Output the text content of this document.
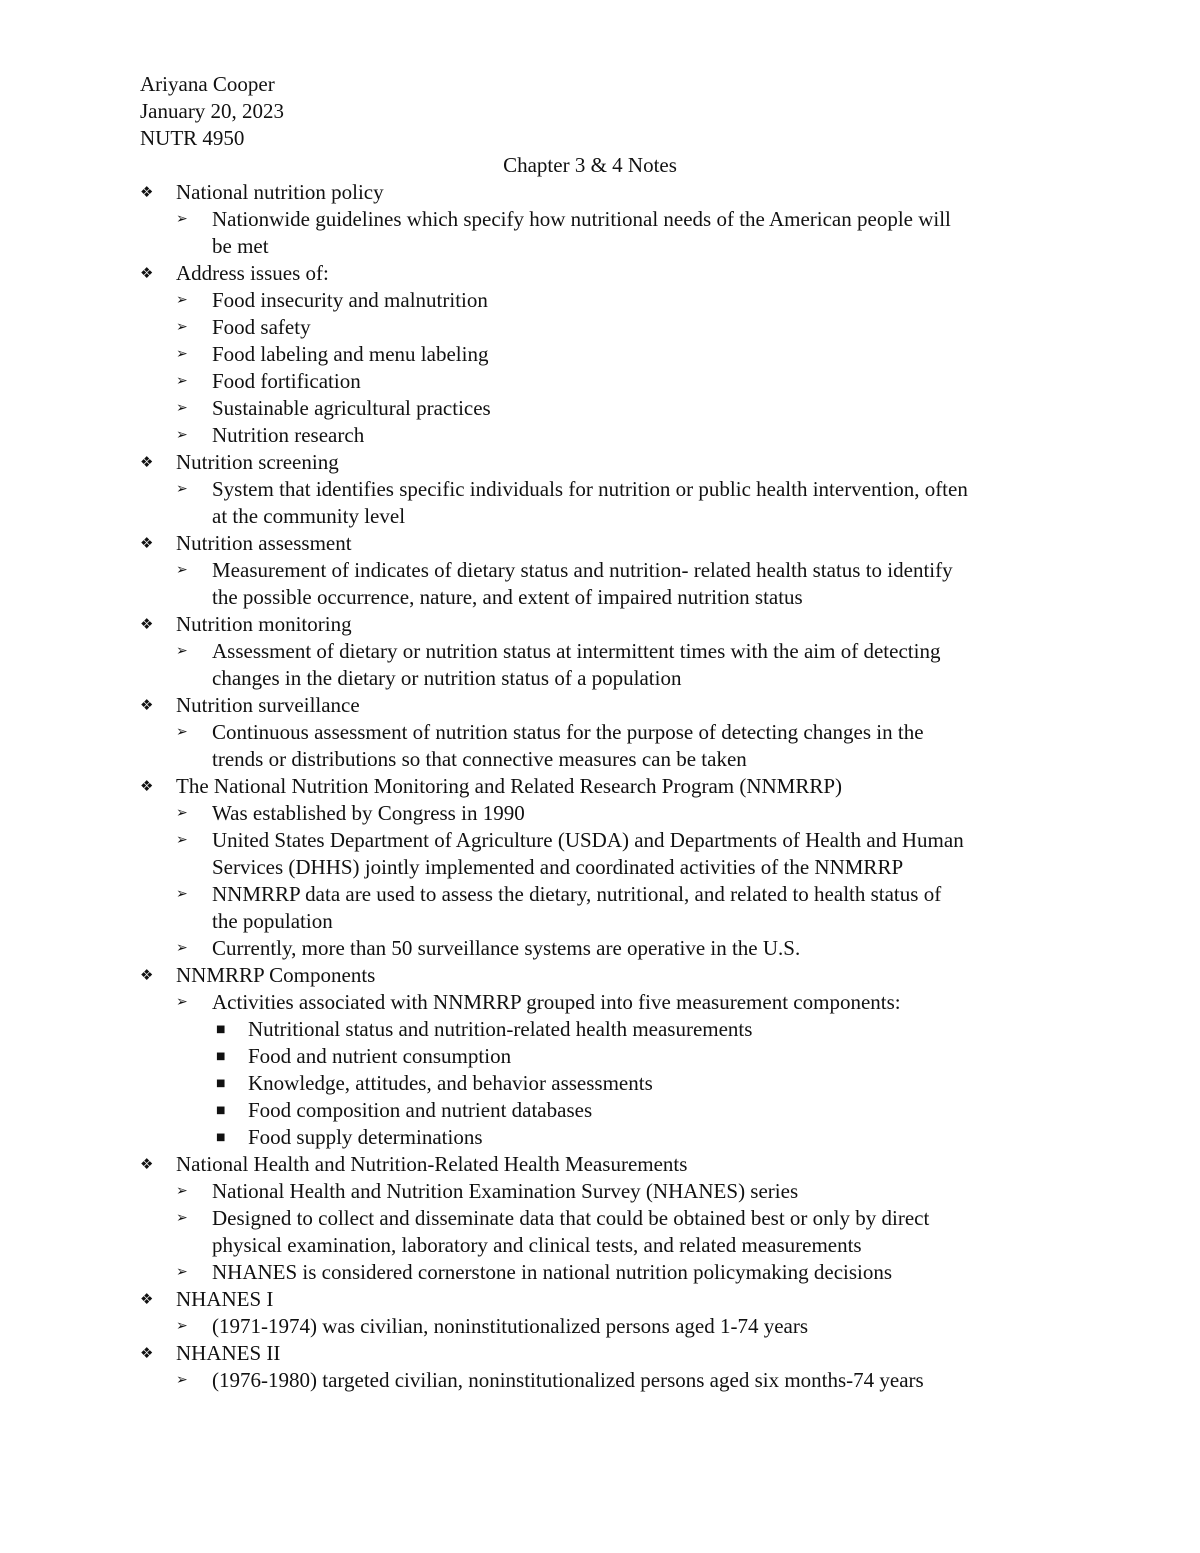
Ariyana Cooper
January 20, 2023
NUTR 4950
Chapter 3 & 4 Notes
❖	National nutrition policy
➢	Nationwide guidelines which specify how nutritional needs of the American people will
be met
❖	Address issues of:
➢	Food insecurity and malnutrition
➢	Food safety
➢	Food labeling and menu labeling
➢	Food fortification
➢	Sustainable agricultural practices
➢	Nutrition research
❖	Nutrition screening
➢	System that identifies specific individuals for nutrition or public health intervention, often
at the community level
❖	Nutrition assessment
➢	Measurement of indicates of dietary status and nutrition- related health status to identify
the possible occurrence, nature, and extent of impaired nutrition status
❖	Nutrition monitoring
➢	Assessment of dietary or nutrition status at intermittent times with the aim of detecting
changes in the dietary or nutrition status of a population
❖	Nutrition surveillance
➢	Continuous assessment of nutrition status for the purpose of detecting changes in the
trends or distributions so that connective measures can be taken
❖	The National Nutrition Monitoring and Related Research Program (NNMRRP)
➢	Was established by Congress in 1990
➢	United States Department of Agriculture (USDA) and Departments of Health and Human
Services (DHHS) jointly implemented and coordinated activities of the NNMRRP
➢	NNMRRP data are used to assess the dietary, nutritional, and related to health status of
the population
➢	Currently, more than 50 surveillance systems are operative in the U.S.
❖	NNMRRP Components
➢	Activities associated with NNMRRP grouped into five measurement components:
■	Nutritional status and nutrition-related health measurements
■	Food and nutrient consumption
■	Knowledge, attitudes, and behavior assessments
■	Food composition and nutrient databases
■	Food supply determinations
❖	National Health and Nutrition-Related Health Measurements
➢	National Health and Nutrition Examination Survey (NHANES) series
➢	Designed to collect and disseminate data that could be obtained best or only by direct
physical examination, laboratory and clinical tests, and related measurements
➢	NHANES is considered cornerstone in national nutrition policymaking decisions
❖	NHANES I
➢	(1971-1974) was civilian, noninstitutionalized persons aged 1-74 years
❖	NHANES II
➢	(1976-1980) targeted civilian, noninstitutionalized persons aged six months-74 years
